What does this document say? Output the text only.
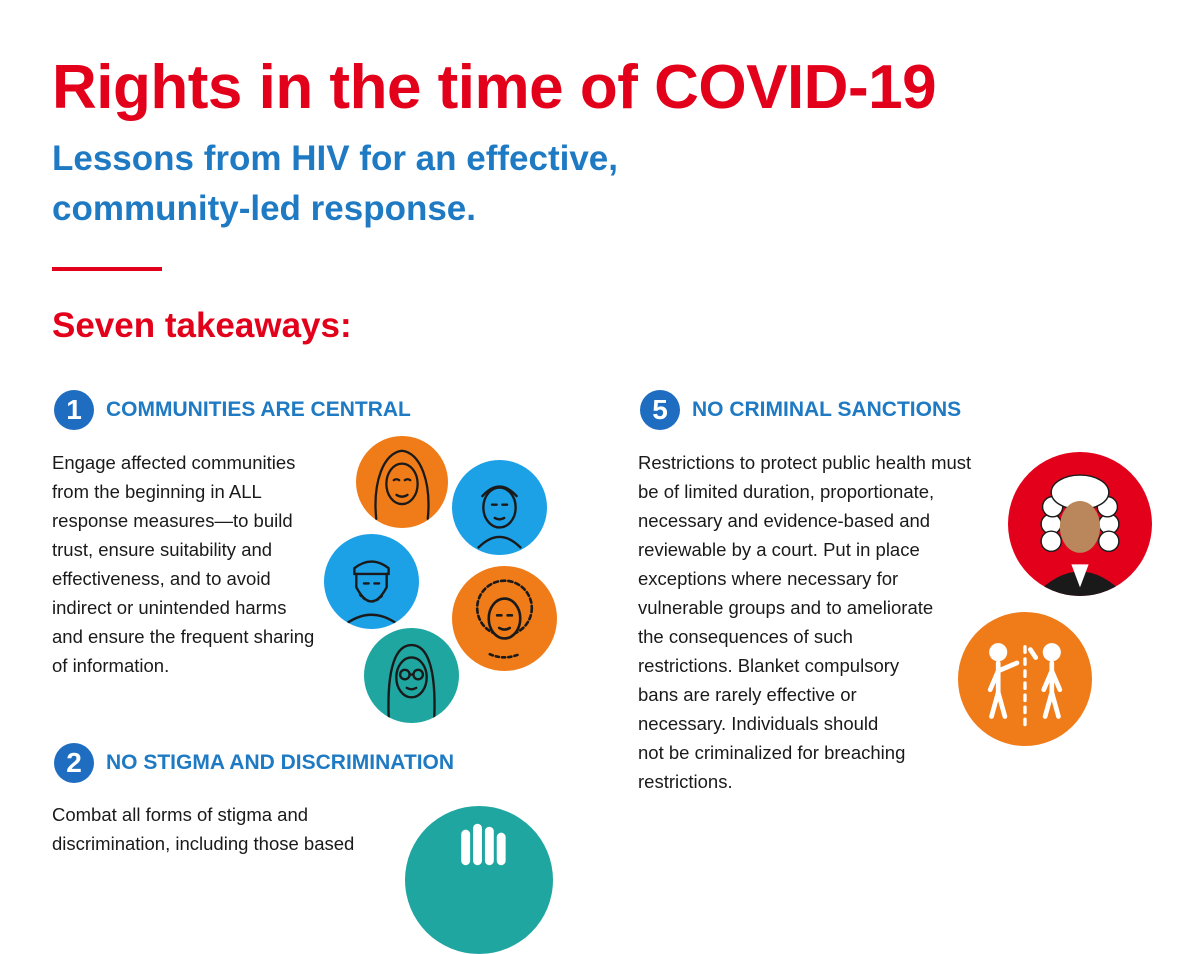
Rights in the time of COVID-19
Lessons from HIV for an effective,
community-led response.
Seven takeaways:
1	COMMUNITIES ARE CENTRAL

Engage affected communities

from the beginning in ALL

response measures—to build

trust, ensure suitability and

effectiveness, and to avoid

indirect or unintended harms

and ensure the frequent sharing

of information.

2	NO STIGMA AND DISCRIMINATION

Combat all forms of stigma and

discrimination, including those based

5	NO CRIMINAL SANCTIONS

Restrictions to protect public health must

be of limited duration, proportionate,

necessary and evidence-based and

reviewable by a court. Put in place

exceptions where necessary for

vulnerable groups and to ameliorate

the consequences of such

restrictions. Blanket compulsory

bans are rarely effective or

necessary. Individuals should

not be criminalized for breaching

restrictions.
